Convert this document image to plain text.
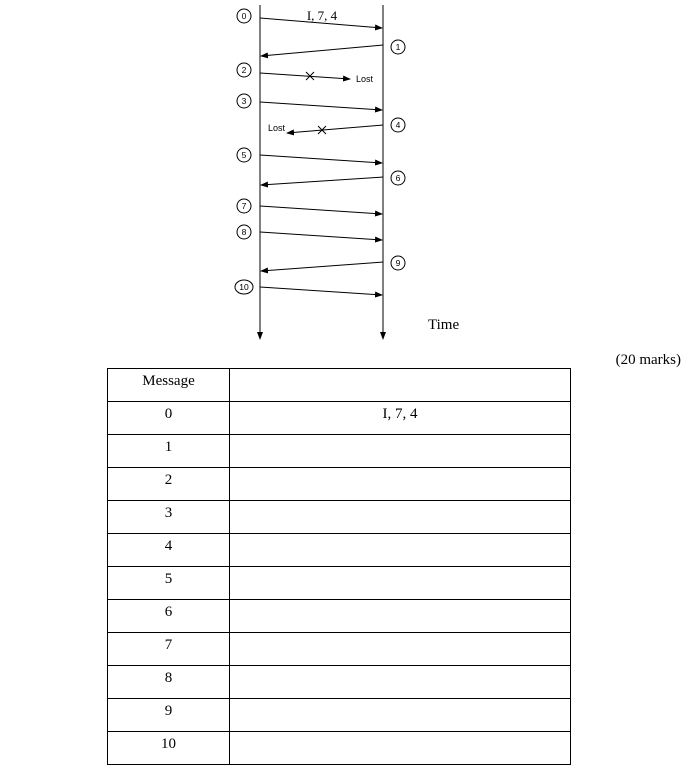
I, 7, 4
Lost
Lost
Time
0
1
2
3
4
5
6
7
8
9
10
(20 marks)
Message	
0	I, 7, 4
1	
2	
3	
4	
5	
6	
7	
8	
9	
10	
